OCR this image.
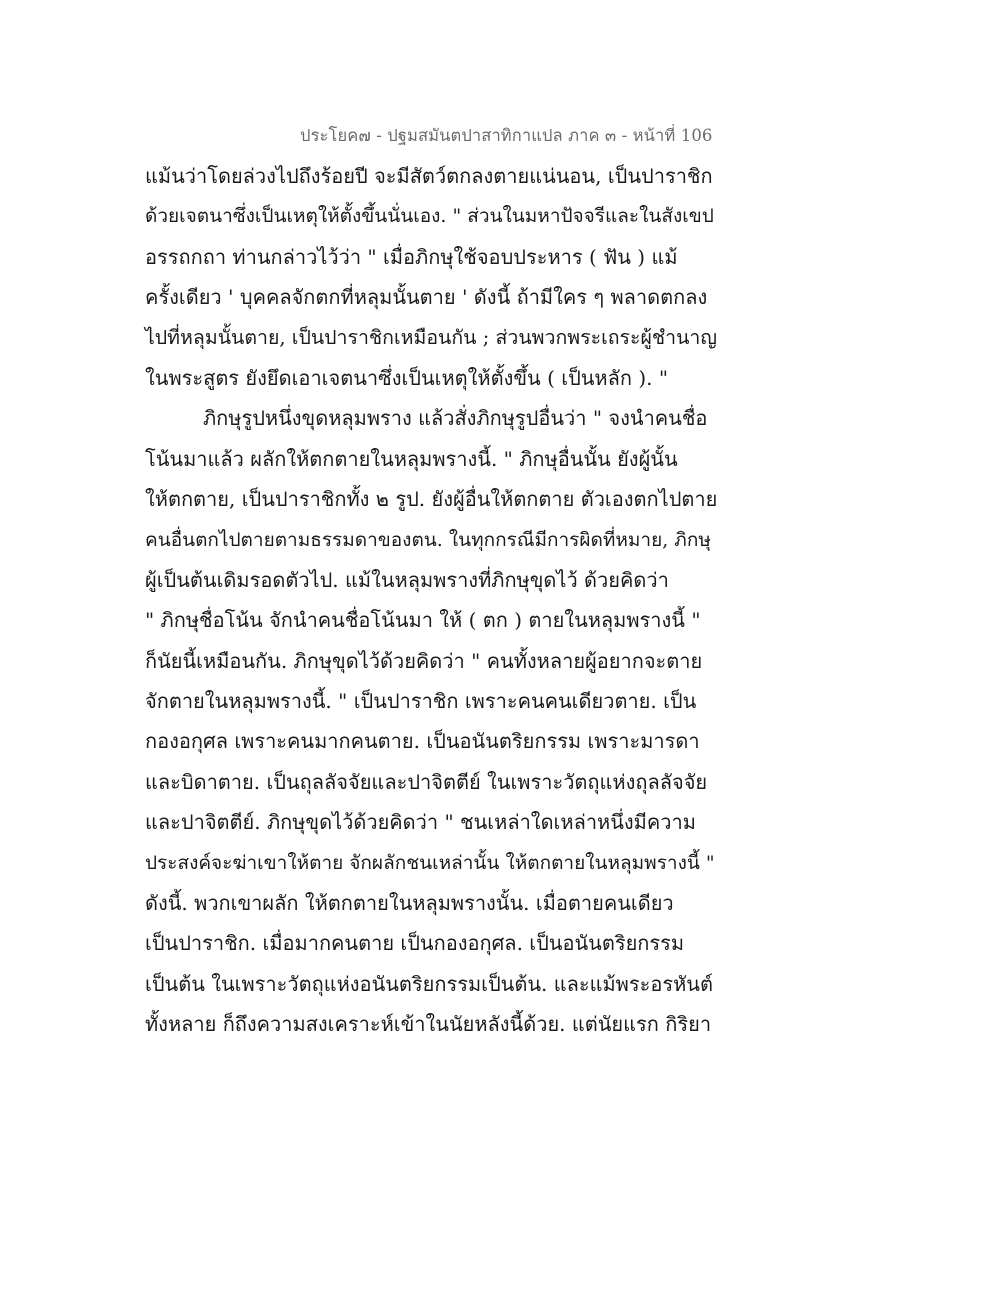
ประโยค๗ - ปฐมสมันตปาสาทิกาแปล ภาค ๓ - หน้าที่ 106
แม้นว่าโดยล่วงไปถึงร้อยปี จะมีสัตว์ตกลงตายแน่นอน, เป็นปาราชิก
ด้วยเจตนาซึ่งเป็นเหตุให้ตั้งขึ้นนั่นเอง. " ส่วนในมหาปัจจรีและในสังเขป
อรรถกถา ท่านกล่าวไว้ว่า " เมื่อภิกษุใช้จอบประหาร ( ฟัน ) แม้
ครั้งเดียว ' บุคคลจักตกที่หลุมนั้นตาย ' ดังนี้ ถ้ามีใคร ๆ พลาดตกลง
ไปที่หลุมนั้นตาย, เป็นปาราชิกเหมือนกัน ; ส่วนพวกพระเถระผู้ชำนาญ
ในพระสูตร ยังยึดเอาเจตนาซึ่งเป็นเหตุให้ตั้งขึ้น ( เป็นหลัก ). "
ภิกษุรูปหนึ่งขุดหลุมพราง แล้วสั่งภิกษุรูปอื่นว่า " จงนำคนชื่อ
โน้นมาแล้ว ผลักให้ตกตายในหลุมพรางนี้. " ภิกษุอื่นนั้น ยังผู้นั้น
ให้ตกตาย, เป็นปาราชิกทั้ง ๒ รูป. ยังผู้อื่นให้ตกตาย ตัวเองตกไปตาย
คนอื่นตกไปตายตามธรรมดาของตน. ในทุกกรณีมีการผิดที่หมาย, ภิกษุ
ผู้เป็นต้นเดิมรอดตัวไป. แม้ในหลุมพรางที่ภิกษุขุดไว้ ด้วยคิดว่า
" ภิกษุชื่อโน้น จักนำคนชื่อโน้นมา ให้ ( ตก ) ตายในหลุมพรางนี้ "
ก็นัยนี้เหมือนกัน. ภิกษุขุดไว้ด้วยคิดว่า " คนทั้งหลายผู้อยากจะตาย
จักตายในหลุมพรางนี้. " เป็นปาราชิก เพราะคนคนเดียวตาย. เป็น
กองอกุศล เพราะคนมากคนตาย. เป็นอนันตริยกรรม เพราะมารดา
และบิดาตาย. เป็นถุลลัจจัยและปาจิตตีย์ ในเพราะวัตถุแห่งถุลลัจจัย
และปาจิตตีย์. ภิกษุขุดไว้ด้วยคิดว่า " ชนเหล่าใดเหล่าหนึ่งมีความ
ประสงค์จะฆ่าเขาให้ตาย จักผลักชนเหล่านั้น ให้ตกตายในหลุมพรางนี้ "
ดังนี้. พวกเขาผลัก ให้ตกตายในหลุมพรางนั้น. เมื่อตายคนเดียว
เป็นปาราชิก. เมื่อมากคนตาย เป็นกองอกุศล. เป็นอนันตริยกรรม
เป็นต้น ในเพราะวัตถุแห่งอนันตริยกรรมเป็นต้น. และแม้พระอรหันต์
ทั้งหลาย ก็ถึงความสงเคราะห์เข้าในนัยหลังนี้ด้วย. แต่นัยแรก กิริยา
